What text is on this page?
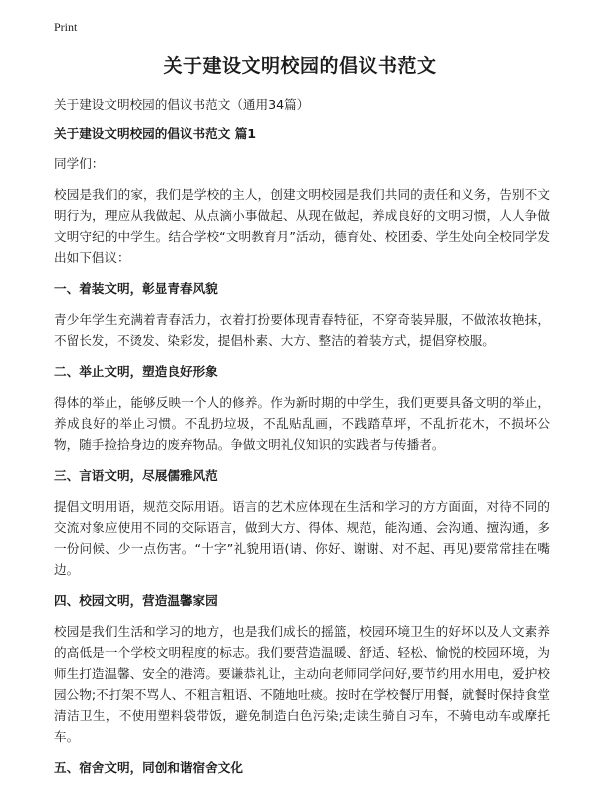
Print
关于建设文明校园的倡议书范文

关于建设文明校园的倡议书范文（通用34篇）

关于建设文明校园的倡议书范文 篇1

同学们：

校园是我们的家，我们是学校的主人，创建文明校园是我们共同的责任和义务，告别不文明行为，理应从我做起、从点滴小事做起、从现在做起，养成良好的文明习惯，人人争做文明守纪的中学生。结合学校“文明教育月”活动，德育处、校团委、学生处向全校同学发出如下倡议：

一、着装文明，彰显青春风貌

青少年学生充满着青春活力，衣着打扮要体现青春特征，不穿奇装异服，不做浓妆艳抹，不留长发，不烫发、染彩发，提倡朴素、大方、整洁的着装方式，提倡穿校服。

二、举止文明，塑造良好形象

得体的举止，能够反映一个人的修养。作为新时期的中学生，我们更要具备文明的举止，养成良好的举止习惯。不乱扔垃圾，不乱贴乱画，不践踏草坪，不乱折花木，不损坏公物，随手捡拾身边的废弃物品。争做文明礼仪知识的实践者与传播者。

三、言语文明，尽展儒雅风范

提倡文明用语，规范交际用语。语言的艺术应体现在生活和学习的方方面面，对待不同的交流对象应使用不同的交际语言，做到大方、得体、规范，能沟通、会沟通、擅沟通，多一份问候、少一点伤害。“十字”礼貌用语(请、你好、谢谢、对不起、再见)要常常挂在嘴边。

四、校园文明，营造温馨家园

校园是我们生活和学习的地方，也是我们成长的摇篮，校园环境卫生的好坏以及人文素养的高低是一个学校文明程度的标志。我们要营造温暖、舒适、轻松、愉悦的校园环境，为师生打造温馨、安全的港湾。要谦恭礼让，主动向老师同学问好,要节约用水用电，爱护校园公物;不打架不骂人、不粗言粗语、不随地吐痰。按时在学校餐厅用餐，就餐时保持食堂清洁卫生，不使用塑料袋带饭，避免制造白色污染;走读生骑自习车，不骑电动车或摩托车。

五、宿舍文明，同创和谐宿舍文化
